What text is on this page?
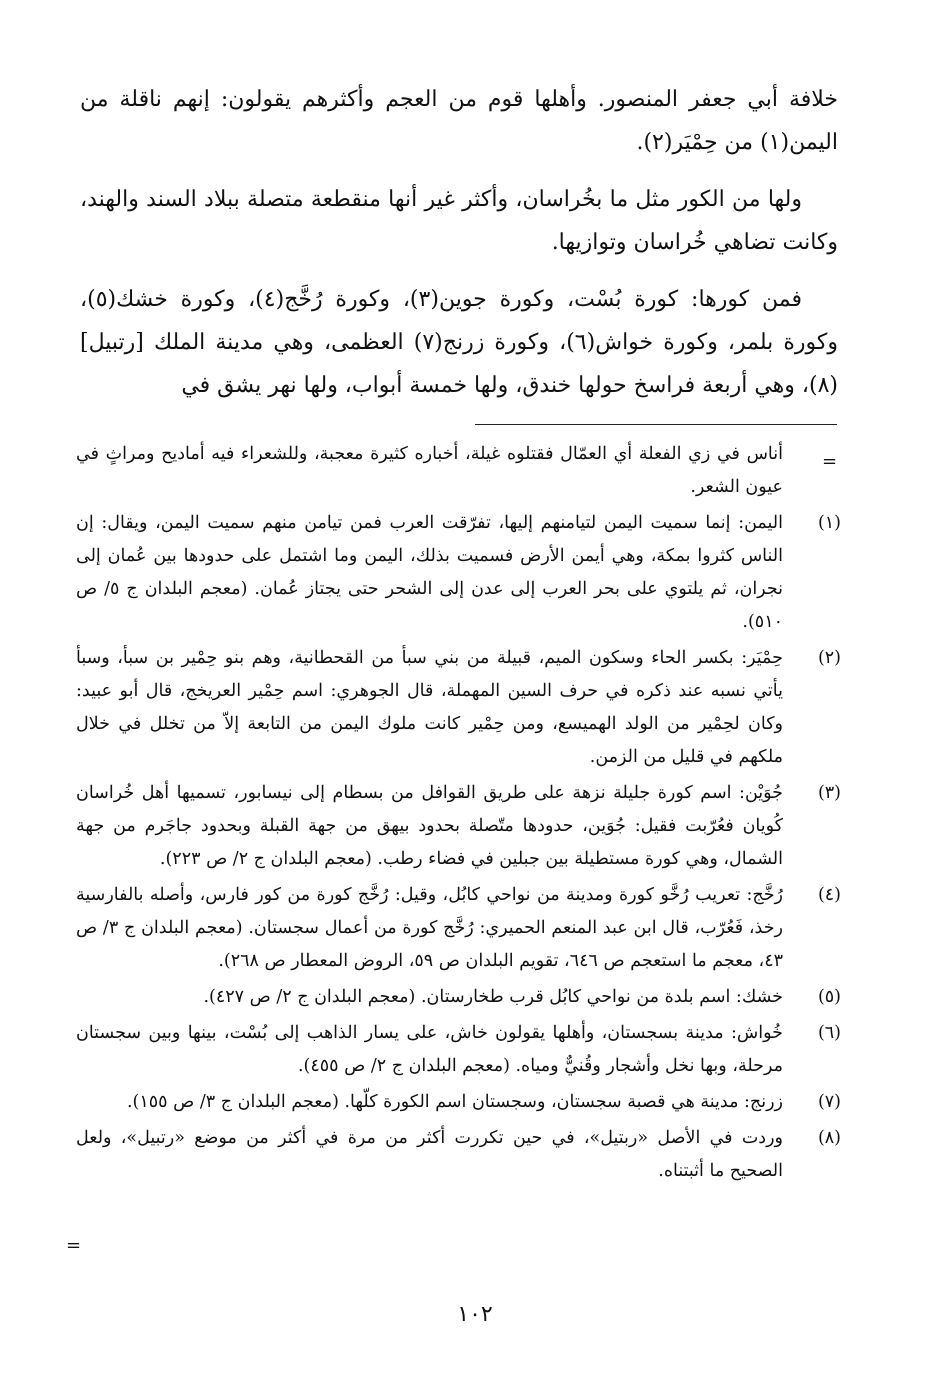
خلافة أبي جعفر المنصور. وأهلها قوم من العجم وأكثرهم يقولون: إنهم ناقلة من اليمن(١) من حِمْيَر(٢).

ولها من الكور مثل ما بخُراسان، وأكثر غير أنها منقطعة متصلة ببلاد السند والهند، وكانت تضاهي خُراسان وتوازيها.

فمن كورها: كورة بُسْت، وكورة جوين(٣)، وكورة رُخَّج(٤)، وكورة خشك(٥)، وكورة بلمر، وكورة خواش(٦)، وكورة زرنج(٧) العظمى، وهي مدينة الملك [رتبيل](٨)، وهي أربعة فراسخ حولها خندق، ولها خمسة أبواب، ولها نهر يشق في

=
أناس في زي الفعلة أي العمّال فقتلوه غيلة، أخباره كثيرة معجبة، وللشعراء فيه أماديح ومراثٍ في عيون الشعر.
(١)
اليمن: إنما سميت اليمن لتيامنهم إليها، تفرّقت العرب فمن تيامن منهم سميت اليمن، ويقال: إن الناس كثروا بمكة، وهي أيمن الأرض فسميت بذلك، اليمن وما اشتمل على حدودها بين عُمان إلى نجران، ثم يلتوي على بحر العرب إلى عدن إلى الشحر حتى يجتاز عُمان. (معجم البلدان ج ٥/ ص ٥١٠).
(٢)
حِمْيَر: بكسر الحاء وسكون الميم، قبيلة من بني سبأ من القحطانية، وهم بنو حِمْير بن سبأ، وسبأ يأتي نسبه عند ذكره في حرف السين المهملة، قال الجوهري: اسم حِمْير العريخج، قال أبو عبيد: وكان لحِمْير من الولد الهميسع، ومن حِمْير كانت ملوك اليمن من التابعة إلاّ من تخلل في خلال ملكهم في قليل من الزمن.
(٣)
جُوَيْن: اسم كورة جليلة نزهة على طريق القوافل من بسطام إلى نيسابور، تسميها أهل خُراسان كُويان فعُرّبت فقيل: جُوَين، حدودها متّصلة بحدود بيهق من جهة القبلة وبحدود جاجَرم من جهة الشمال، وهي كورة مستطيلة بين جبلين في فضاء رطب. (معجم البلدان ج ٢/ ص ٢٢٣).
(٤)
رُخَّج: تعريب رُخَّو كورة ومدينة من نواحي كابُل، وقيل: رُخَّج كورة من كور فارس، وأصله بالفارسية رخذ، فَعُرّب، قال ابن عبد المنعم الحميري: رُخَّج كورة من أعمال سجستان. (معجم البلدان ج ٣/ ص ٤٣، معجم ما استعجم ص ٦٤٦، تقويم البلدان ص ٥٩، الروض المعطار ص ٢٦٨).
(٥)
خشك: اسم بلدة من نواحي كابُل قرب طخارستان. (معجم البلدان ج ٢/ ص ٤٢٧).
(٦)
خُواش: مدينة بسجستان، وأهلها يقولون خاش، على يسار الذاهب إلى بُسْت، بينها وبين سجستان مرحلة، وبها نخل وأشجار وقُنيٌّ ومياه. (معجم البلدان ج ٢/ ص ٤٥٥).
(٧)
زرنج: مدينة هي قصبة سجستان، وسجستان اسم الكورة كلّها. (معجم البلدان ج ٣/ ص ١٥٥).
(٨)
وردت في الأصل «ربتيل»، في حين تكررت أكثر من مرة في أكثر من موضع «رتبيل»، ولعل الصحيح ما أثبتناه.
=
١٠٢
